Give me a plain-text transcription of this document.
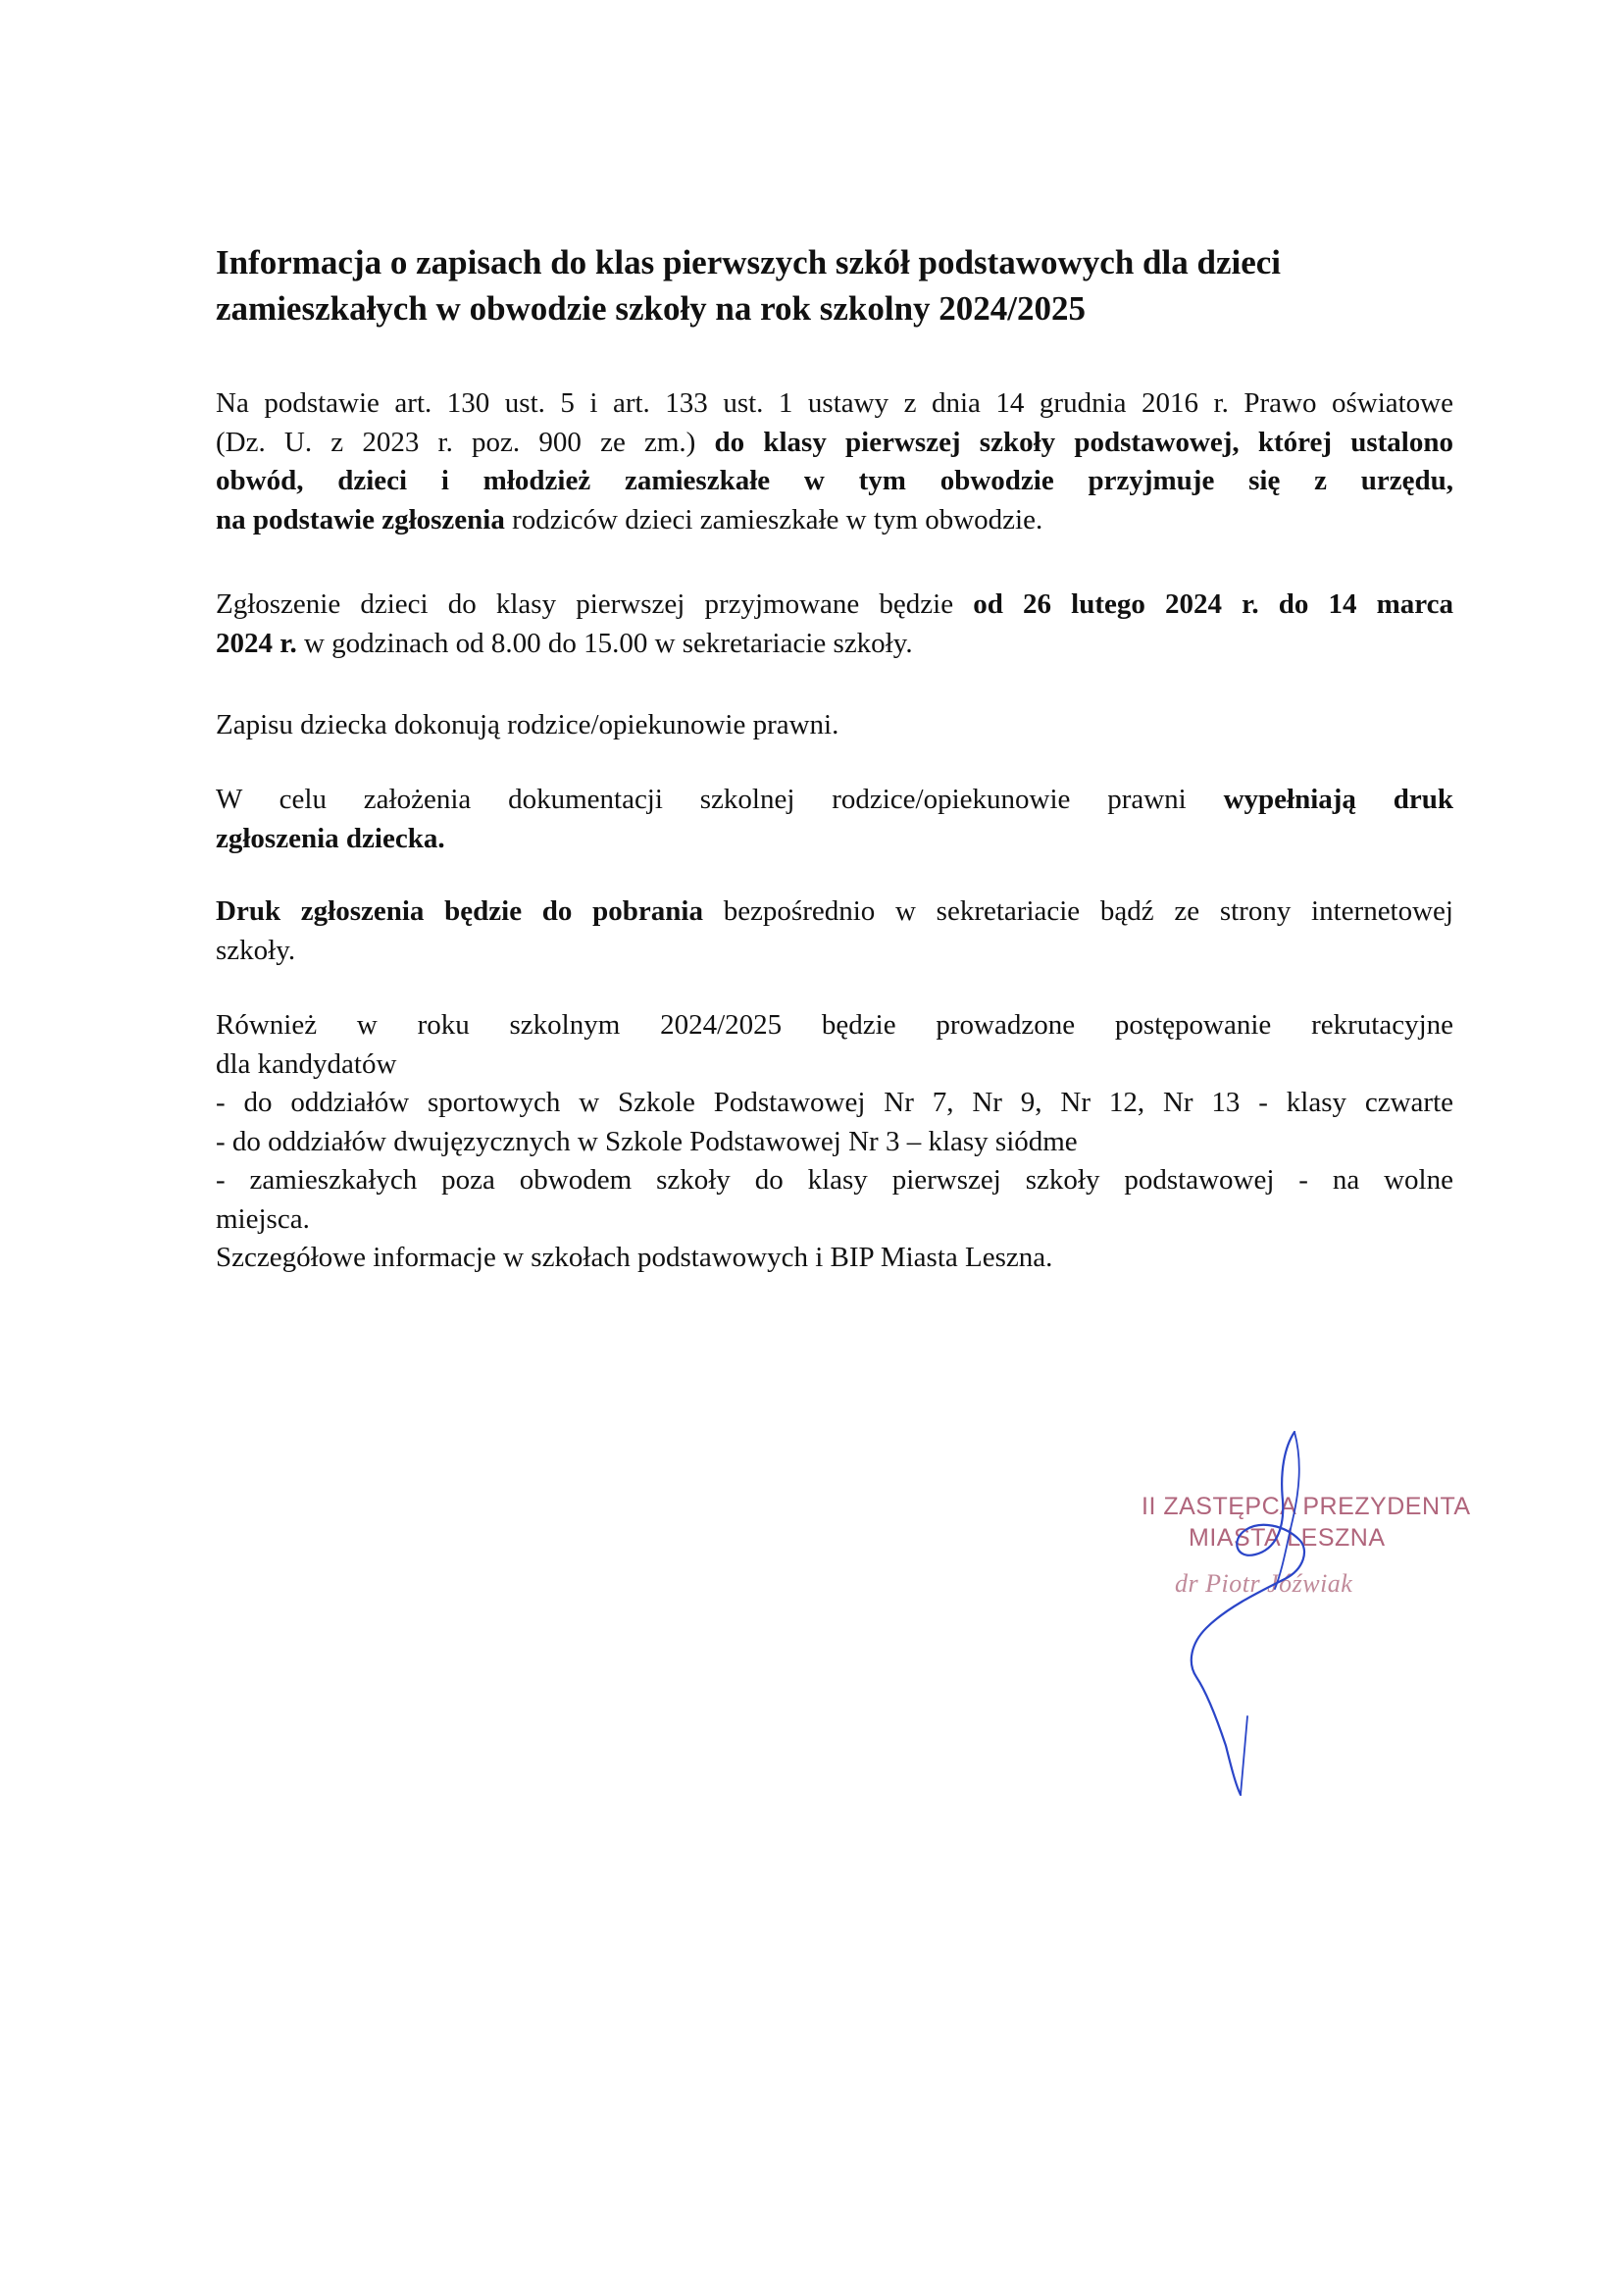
Informacja o zapisach do klas pierwszych szkół podstawowych dla dzieci
zamieszkałych w obwodzie szkoły na rok szkolny 2024/2025
Na podstawie art. 130 ust. 5 i art. 133 ust. 1 ustawy z dnia 14 grudnia 2016 r. Prawo oświatowe
(Dz. U. z 2023 r. poz. 900 ze zm.) do klasy pierwszej szkoły podstawowej, której ustalono
obwód, dzieci i młodzież zamieszkałe w tym obwodzie przyjmuje się z urzędu,
na podstawie zgłoszenia rodziców dzieci zamieszkałe w tym obwodzie.
Zgłoszenie dzieci do klasy pierwszej przyjmowane będzie od 26 lutego 2024 r. do 14 marca
2024 r. w godzinach od 8.00 do 15.00 w sekretariacie szkoły.
Zapisu dziecka dokonują rodzice/opiekunowie prawni.
W celu założenia dokumentacji szkolnej rodzice/opiekunowie prawni wypełniają druk
zgłoszenia dziecka.
Druk zgłoszenia będzie do pobrania bezpośrednio w sekretariacie bądź ze strony internetowej
szkoły.
Również w roku szkolnym 2024/2025 będzie prowadzone postępowanie rekrutacyjne
dla kandydatów
- do oddziałów sportowych w Szkole Podstawowej Nr 7, Nr 9, Nr 12, Nr 13 - klasy czwarte
- do oddziałów dwujęzycznych w Szkole Podstawowej Nr 3 – klasy siódme
- zamieszkałych poza obwodem szkoły do klasy pierwszej szkoły podstawowej - na wolne
miejsca.
Szczegółowe informacje w szkołach podstawowych i BIP Miasta Leszna.
II ZASTĘPCA PREZYDENTA
MIASTA LESZNA
dr Piotr Jóźwiak
